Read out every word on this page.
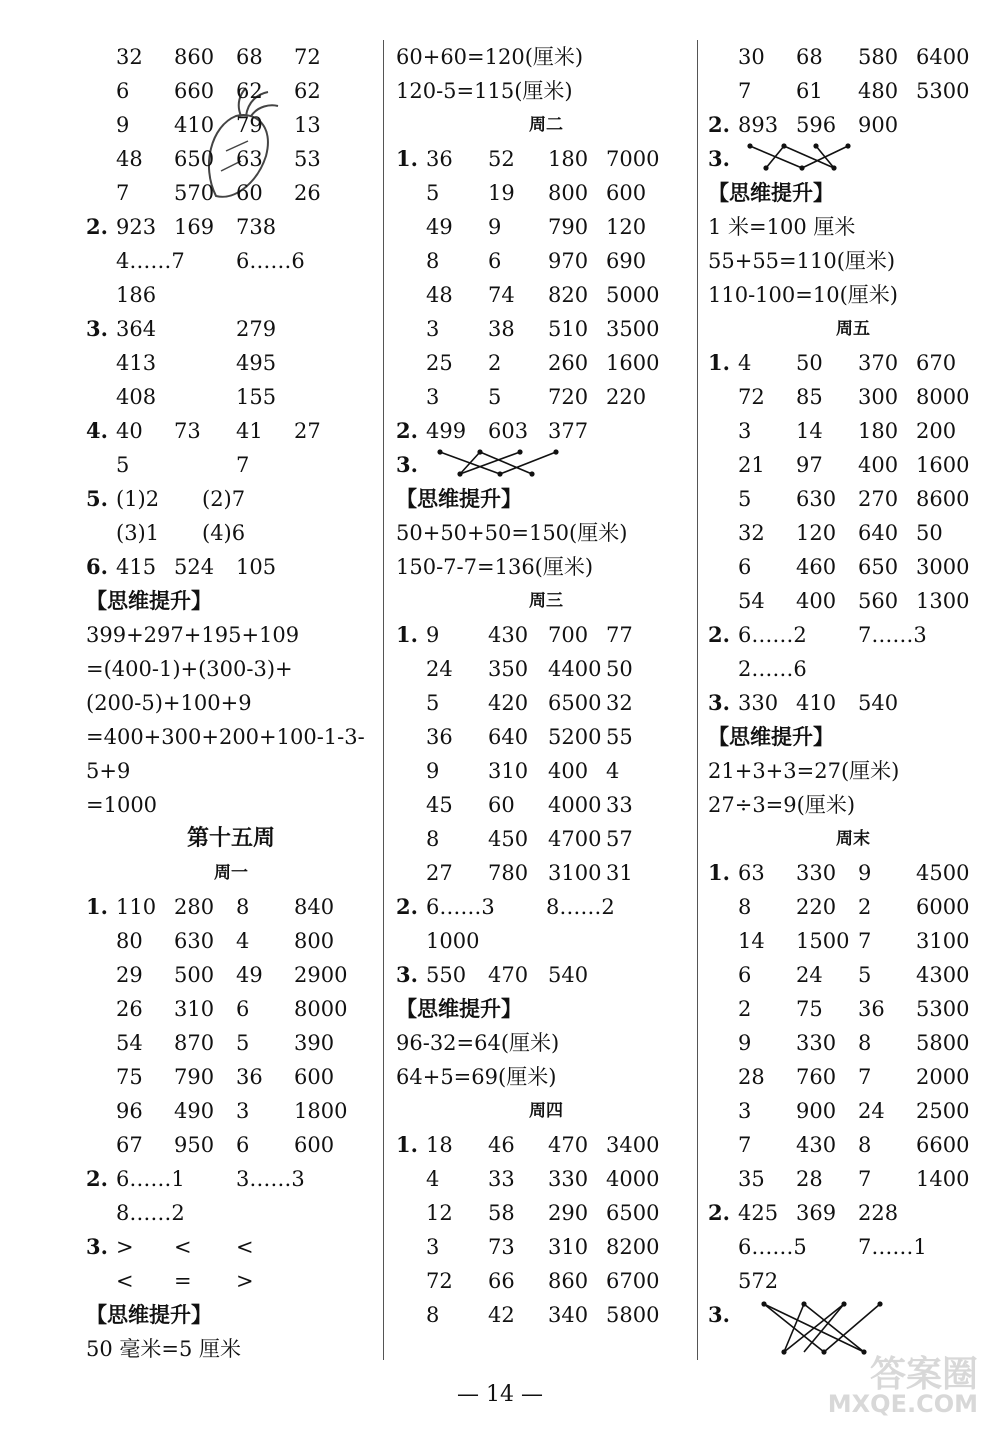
32	860	68	72
6	660	62	62
9	410	79	13
48	650	63	53
7	570	60	26
2. 923 169	738
4……7	6……6
186
3. 364	279
413	495
408	155
4. 40	73	41	27
5	7
5. (1)2	(2)7
(3)1	(4)6
6. 415 524	105
【思维提升】
399+297+195+109
=(400-1)+(300-3)+
(200-5)+100+9
=400+300+200+100-1-3-
5+9
=1000
第十五周
周一
1. 110 280	8	840
80	630	4	800
29	500	49	2900
26	310	6	8000
54	870	5	390
75	790	36	600
96	490	3	1800
67	950	6	600
2. 6……1	3……3
8……2
3. >	<	<
<	=	>
【思维提升】
50 毫米=5 厘米
60+60=120(厘米)
120-5=115(厘米)
周二
1. 36	52	180 7000
5	19	800 600
49	9	790 120
8	6	970 690
48	74	820 5000
3	38	510 3500
25	2	260 1600
3	5	720 220
2. 499	603 377
3.
【思维提升】
50+50+50=150(厘米)
150-7-7=136(厘米)
周三
1. 9	430 700 77
24	350 4400 50
5	420 6500 32
36	640 5200 55
9	310 400 4
45	60	4000 33
8	450 4700 57
27	780 3100 31
2. 6……3	8……2
1000
3. 550	470 540
【思维提升】
96-32=64(厘米)
64+5=69(厘米)
周四
1. 18	46	470 3400
4	33	330 4000
12	58	290 6500
3	73	310 8200
72	66	860 6700
8	42	340 5800
30	68	580 6400
7	61	480 5300
2. 893 596	900
3.
【思维提升】
1 米=100 厘米
55+55=110(厘米)
110-100=10(厘米)
周五
1. 4	50	370 670
72	85	300 8000
3	14	180 200
21	97	400 1600
5	630	270 8600
32	120	640 50
6	460	650 3000
54	400	560 1300
2. 6……2	7……3
2……6
3. 330 410	540
【思维提升】
21+3+3=27(厘米)
27÷3=9(厘米)
周末
1. 63	330	9	4500
8	220	2	6000
14	1500 7	3100
6	24	5	4300
2	75	36	5300
9	330	8	5800
28	760	7	2000
3	900	24	2500
7	430	8	6600
35	28	7	1400
2. 425 369	228
6……5	7……1
572
3.
— 14 —	答案圈
MXQE.COM
